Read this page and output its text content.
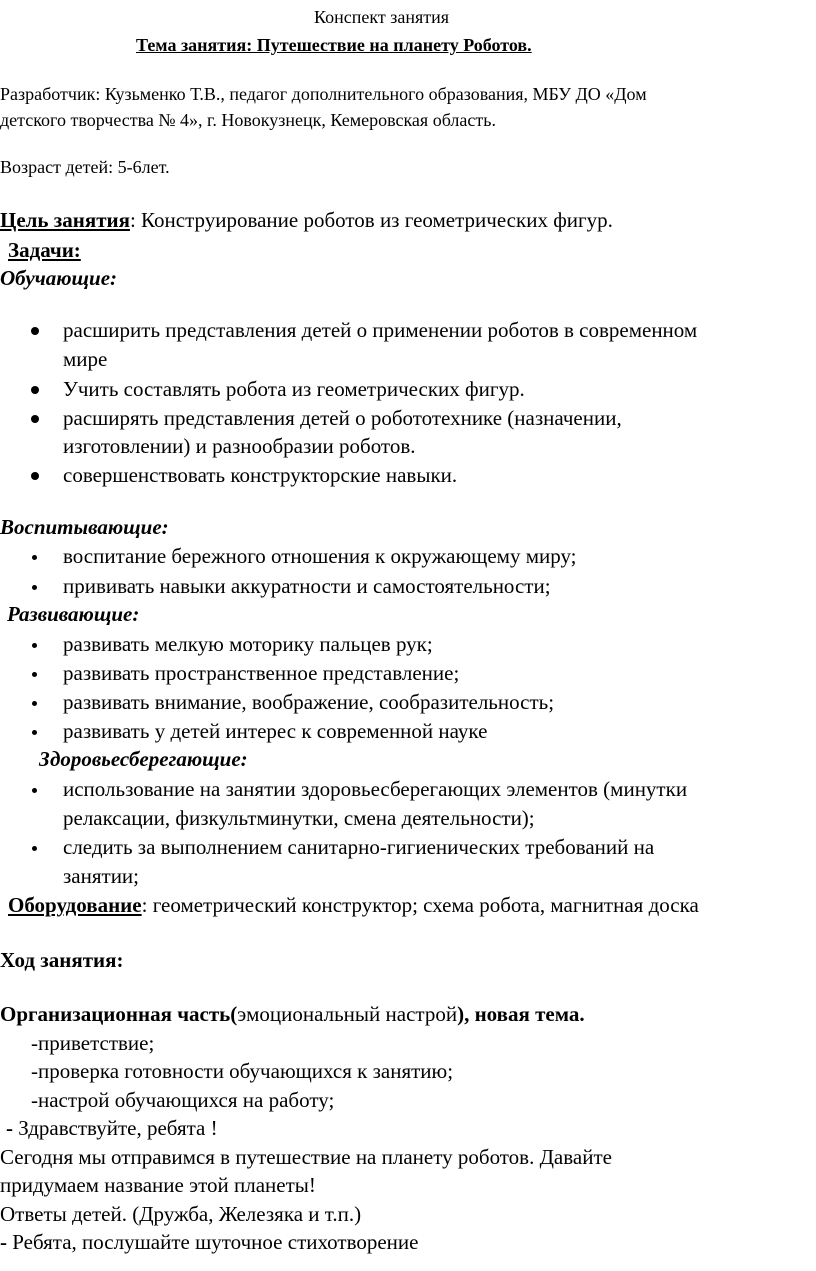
Конспект занятия
Тема занятия: Путешествие на планету Роботов.
Разработчик: Кузьменко Т.В., педагог дополнительного образования, МБУ ДО «Дом
детского творчества № 4», г. Новокузнецк, Кемеровская область.
Возраст детей: 5-6лет.
Цель занятия: Конструирование роботов из геометрических фигур.
Задачи:
Обучающие:
расширить представления детей о применении роботов в современном
мире
Учить составлять робота из геометрических фигур.
расширять представления детей о робототехнике (назначении,
изготовлении) и разнообразии роботов.
совершенствовать конструкторские навыки.
Воспитывающие:
воспитание бережного отношения к окружающему миру;
прививать навыки аккуратности и самостоятельности;
Развивающие:
развивать мелкую моторику пальцев рук;
развивать пространственное представление;
развивать внимание, воображение, сообразительность;
развивать у детей интерес к современной науке
Здоровьесберегающие:
использование на занятии здоровьесберегающих элементов (минутки
релаксации, физкультминутки, смена деятельности);
следить за выполнением санитарно-гигиенических требований на
занятии;
Оборудование: геометрический конструктор; схема робота, магнитная доска
Ход занятия:
Организационная часть(эмоциональный настрой), новая тема.
-приветствие;
-проверка готовности обучающихся к занятию;
-настрой обучающихся на работу;
- Здравствуйте, ребята !
Сегодня мы отправимся в путешествие на планету роботов. Давайте
придумаем название этой планеты!
Ответы детей. (Дружба, Железяка и т.п.)
- Ребята, послушайте шуточное стихотворение
